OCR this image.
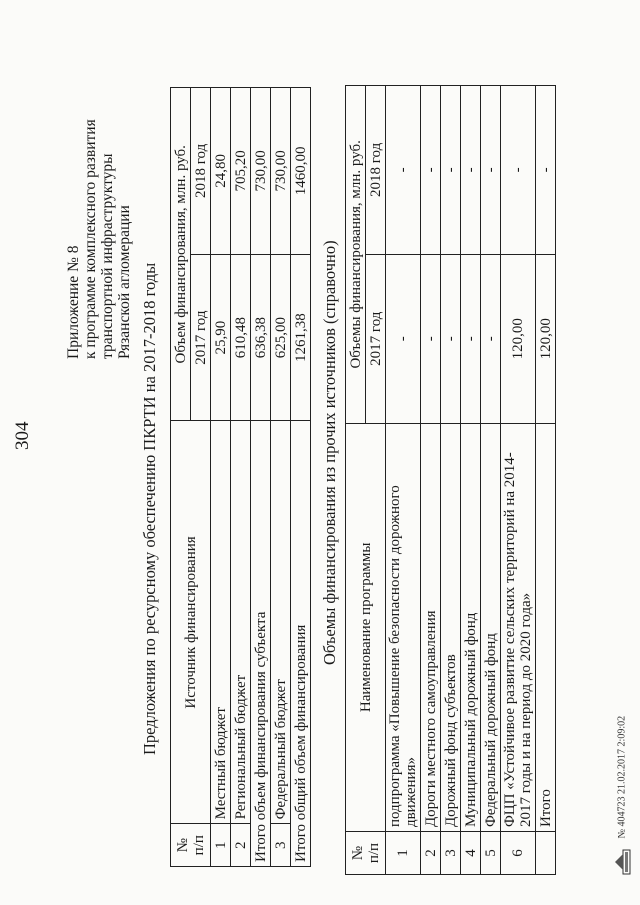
304
Приложение № 8 к программе комплексного развития транспортной инфраструктуры Рязанской агломерации Предложения по ресурсному обеспечению ПКРТИ на 2017-2018 годы
№ п/п	Источник финансирования	Объем финансирования, млн. руб.	
		2017 год	2018 год
1	Местный бюджет	25,90	24,80
2	Региональный бюджет	610,48	705,20
Итого объем финансирования субъекта		636,38	730,00
3	Федеральный бюджет	625,00	730,00
Итого общий объем финансирования		1261,38	1460,00
Объемы финансирования из прочих источников (справочно)
№ п/п	Наименование программы	Объемы финансирования, млн. руб.	
		2017 год	2018 год
1	подпрограмма «Повышение безопасности дорожного движения»	-	-
2	Дороги местного самоуправления	-	-
3	Дорожный фонд субъектов	-	-
4	Муниципальный дорожный фонд	-	-
5	Федеральный дорожный фонд	-	-
6	ФЦП «Устойчивое развитие сельских территорий на 2014-2017 годы и на период до 2020 года»	120,00	-
	Итого	120,00	-
№ 404723 21.02.2017 2:09:02
